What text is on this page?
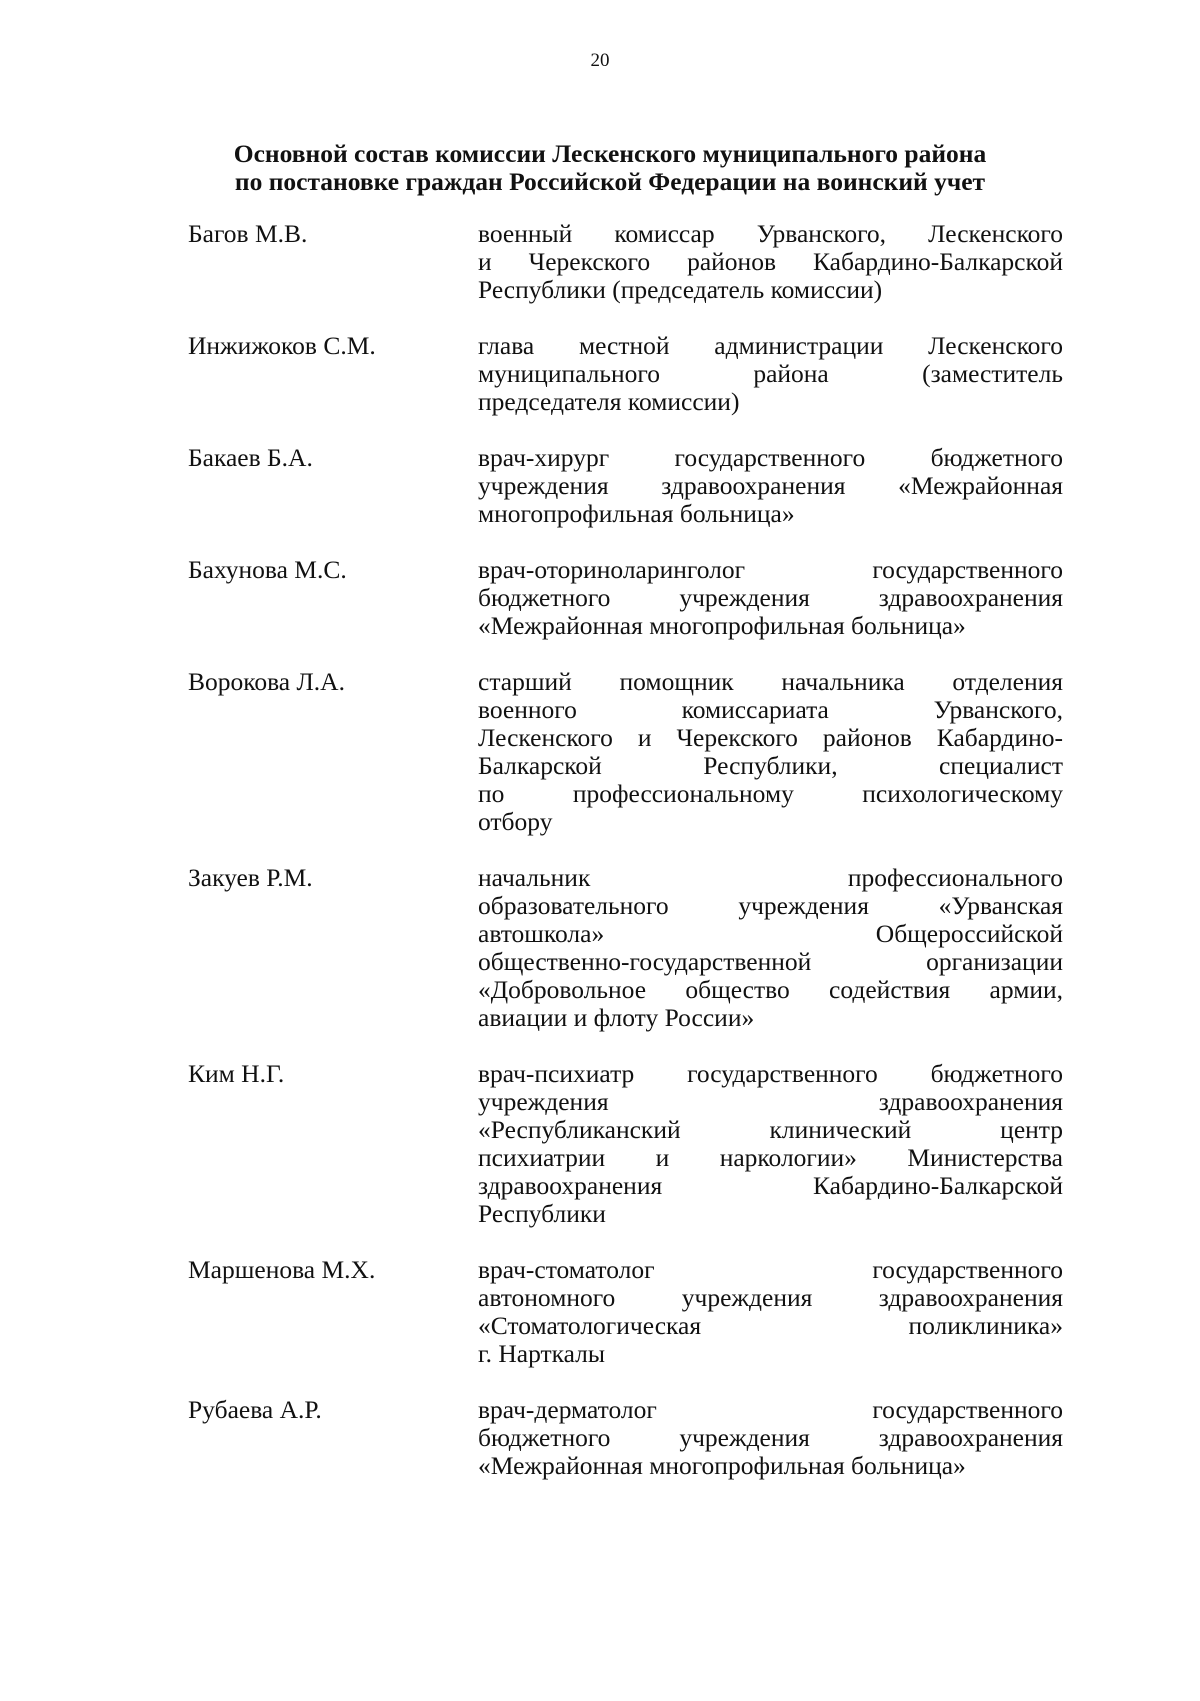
20
Основной состав комиссии Лескенского муниципального района
по постановке граждан Российской Федерации на воинский учет
Багов М.В.	военный комиссар Урванского, Лескенского
и Черекского районов Кабардино-Балкарской
Республики (председатель комиссии)
Инжижоков С.М.	глава местной администрации Лескенского
муниципального района (заместитель
председателя комиссии)
Бакаев Б.А.	врач-хирург государственного бюджетного
учреждения здравоохранения «Межрайонная
многопрофильная больница»
Бахунова М.С.	врач-оториноларинголог государственного
бюджетного учреждения здравоохранения
«Межрайонная многопрофильная больница»
Ворокова Л.А.	старший помощник начальника отделения
военного комиссариата Урванского,
Лескенского и Черекского районов Кабардино-
Балкарской Республики, специалист
по профессиональному психологическому
отбору
Закуев Р.М.	начальник профессионального
образовательного учреждения «Урванская
автошкола» Общероссийской
общественно-государственной организации
«Добровольное общество содействия армии,
авиации и флоту России»
Ким Н.Г.	врач-психиатр государственного бюджетного
учреждения здравоохранения
«Республиканский клинический центр
психиатрии и наркологии» Министерства
здравоохранения Кабардино-Балкарской
Республики
Маршенова М.Х.	врач-стоматолог государственного
автономного учреждения здравоохранения
«Стоматологическая поликлиника»
г. Нарткалы
Рубаева А.Р.	врач-дерматолог государственного
бюджетного учреждения здравоохранения
«Межрайонная многопрофильная больница»
